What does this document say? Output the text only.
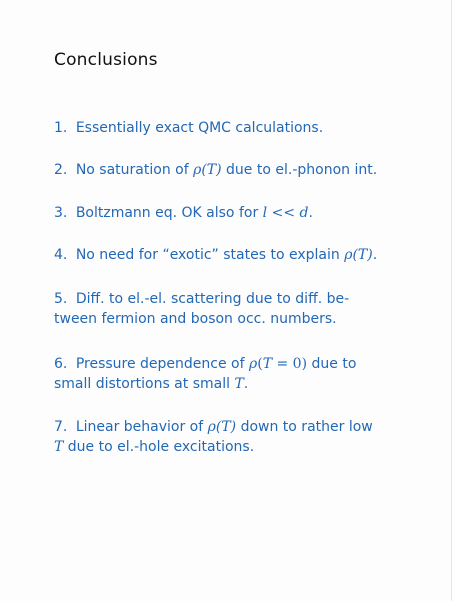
Conclusions

1. Essentially exact QMC calculations.

2. No saturation of ρ(T) due to el.-phonon int.

3. Boltzmann eq. OK also for l << d.

4. No need for “exotic” states to explain ρ(T).

5. Diff. to el.-el. scattering due to diff. be-
tween fermion and boson occ. numbers.

6. Pressure dependence of ρ(T = 0) due to
small distortions at small T.

7. Linear behavior of ρ(T) down to rather low
T due to el.-hole excitations.
